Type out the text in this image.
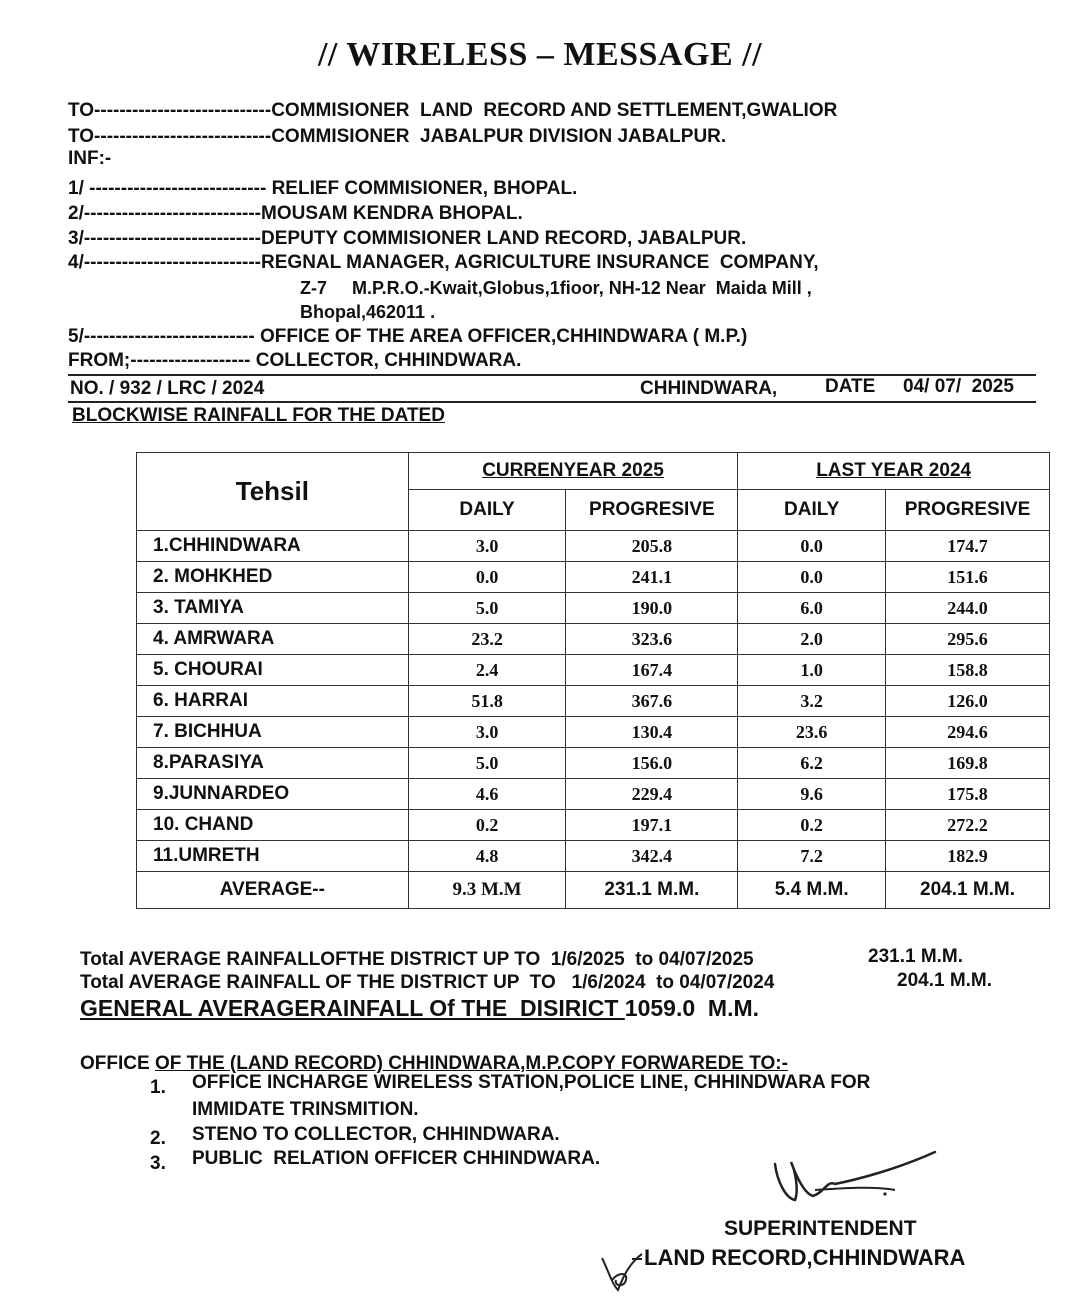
// WIRELESS – MESSAGE //
TO----------------------------COMMISIONER  LAND  RECORD AND SETTLEMENT,GWALIOR
TO----------------------------COMMISIONER  JABALPUR DIVISION JABALPUR.
INF:-
1/ ---------------------------- RELIEF COMMISIONER, BHOPAL.
2/----------------------------MOUSAM KENDRA BHOPAL.
3/----------------------------DEPUTY COMMISIONER LAND RECORD, JABALPUR.
4/----------------------------REGNAL MANAGER, AGRICULTURE INSURANCE  COMPANY,
Z-7     M.P.R.O.-Kwait,Globus,1fioor, NH-12 Near  Maida Mill ,
Bhopal,462011 .
5/--------------------------- OFFICE OF THE AREA OFFICER,CHHINDWARA ( M.P.)
FROM;------------------- COLLECTOR, CHHINDWARA.
NO. / 932 / LRC / 2024	CHHINDWARA,	DATE 04/ 07/  2025
BLOCKWISE RAINFALL FOR THE DATED
Tehsil	CURRENYEAR 2025		LAST YEAR 2024	
	DAILY	PROGRESIVE	DAILY	PROGRESIVE
1.CHHINDWARA	3.0	205.8	0.0	174.7
2. MOHKHED	0.0	241.1	0.0	151.6
3. TAMIYA	5.0	190.0	6.0	244.0
4. AMRWARA	23.2	323.6	2.0	295.6
5. CHOURAI	2.4	167.4	1.0	158.8
6. HARRAI	51.8	367.6	3.2	126.0
7. BICHHUA	3.0	130.4	23.6	294.6
8.PARASIYA	5.0	156.0	6.2	169.8
9.JUNNARDEO	4.6	229.4	9.6	175.8
10. CHAND	0.2	197.1	0.2	272.2
11.UMRETH	4.8	342.4	7.2	182.9
AVERAGE--	9.3 M.M	231.1 M.M.	5.4 M.M.	204.1 M.M.
Total AVERAGE RAINFALLOFTHE DISTRICT UP TO  1/6/2025  to 04/07/2025	231.1 M.M.
Total AVERAGE RAINFALL OF THE DISTRICT UP  TO   1/6/2024  to 04/07/2024	204.1 M.M.
GENERAL AVERAGERAINFALL Of THE  DISIRICT 1059.0  M.M.
OFFICE OF THE (LAND RECORD) CHHINDWARA,M.P.COPY FORWAREDE TO:-
1. OFFICE INCHARGE WIRELESS STATION,POLICE LINE, CHHINDWARA FOR
IMMIDATE TRINSMITION.
2. STENO TO COLLECTOR, CHHINDWARA.
3. PUBLIC  RELATION OFFICER CHHINDWARA.
SUPERINTENDENT
LAND RECORD,CHHINDWARA
